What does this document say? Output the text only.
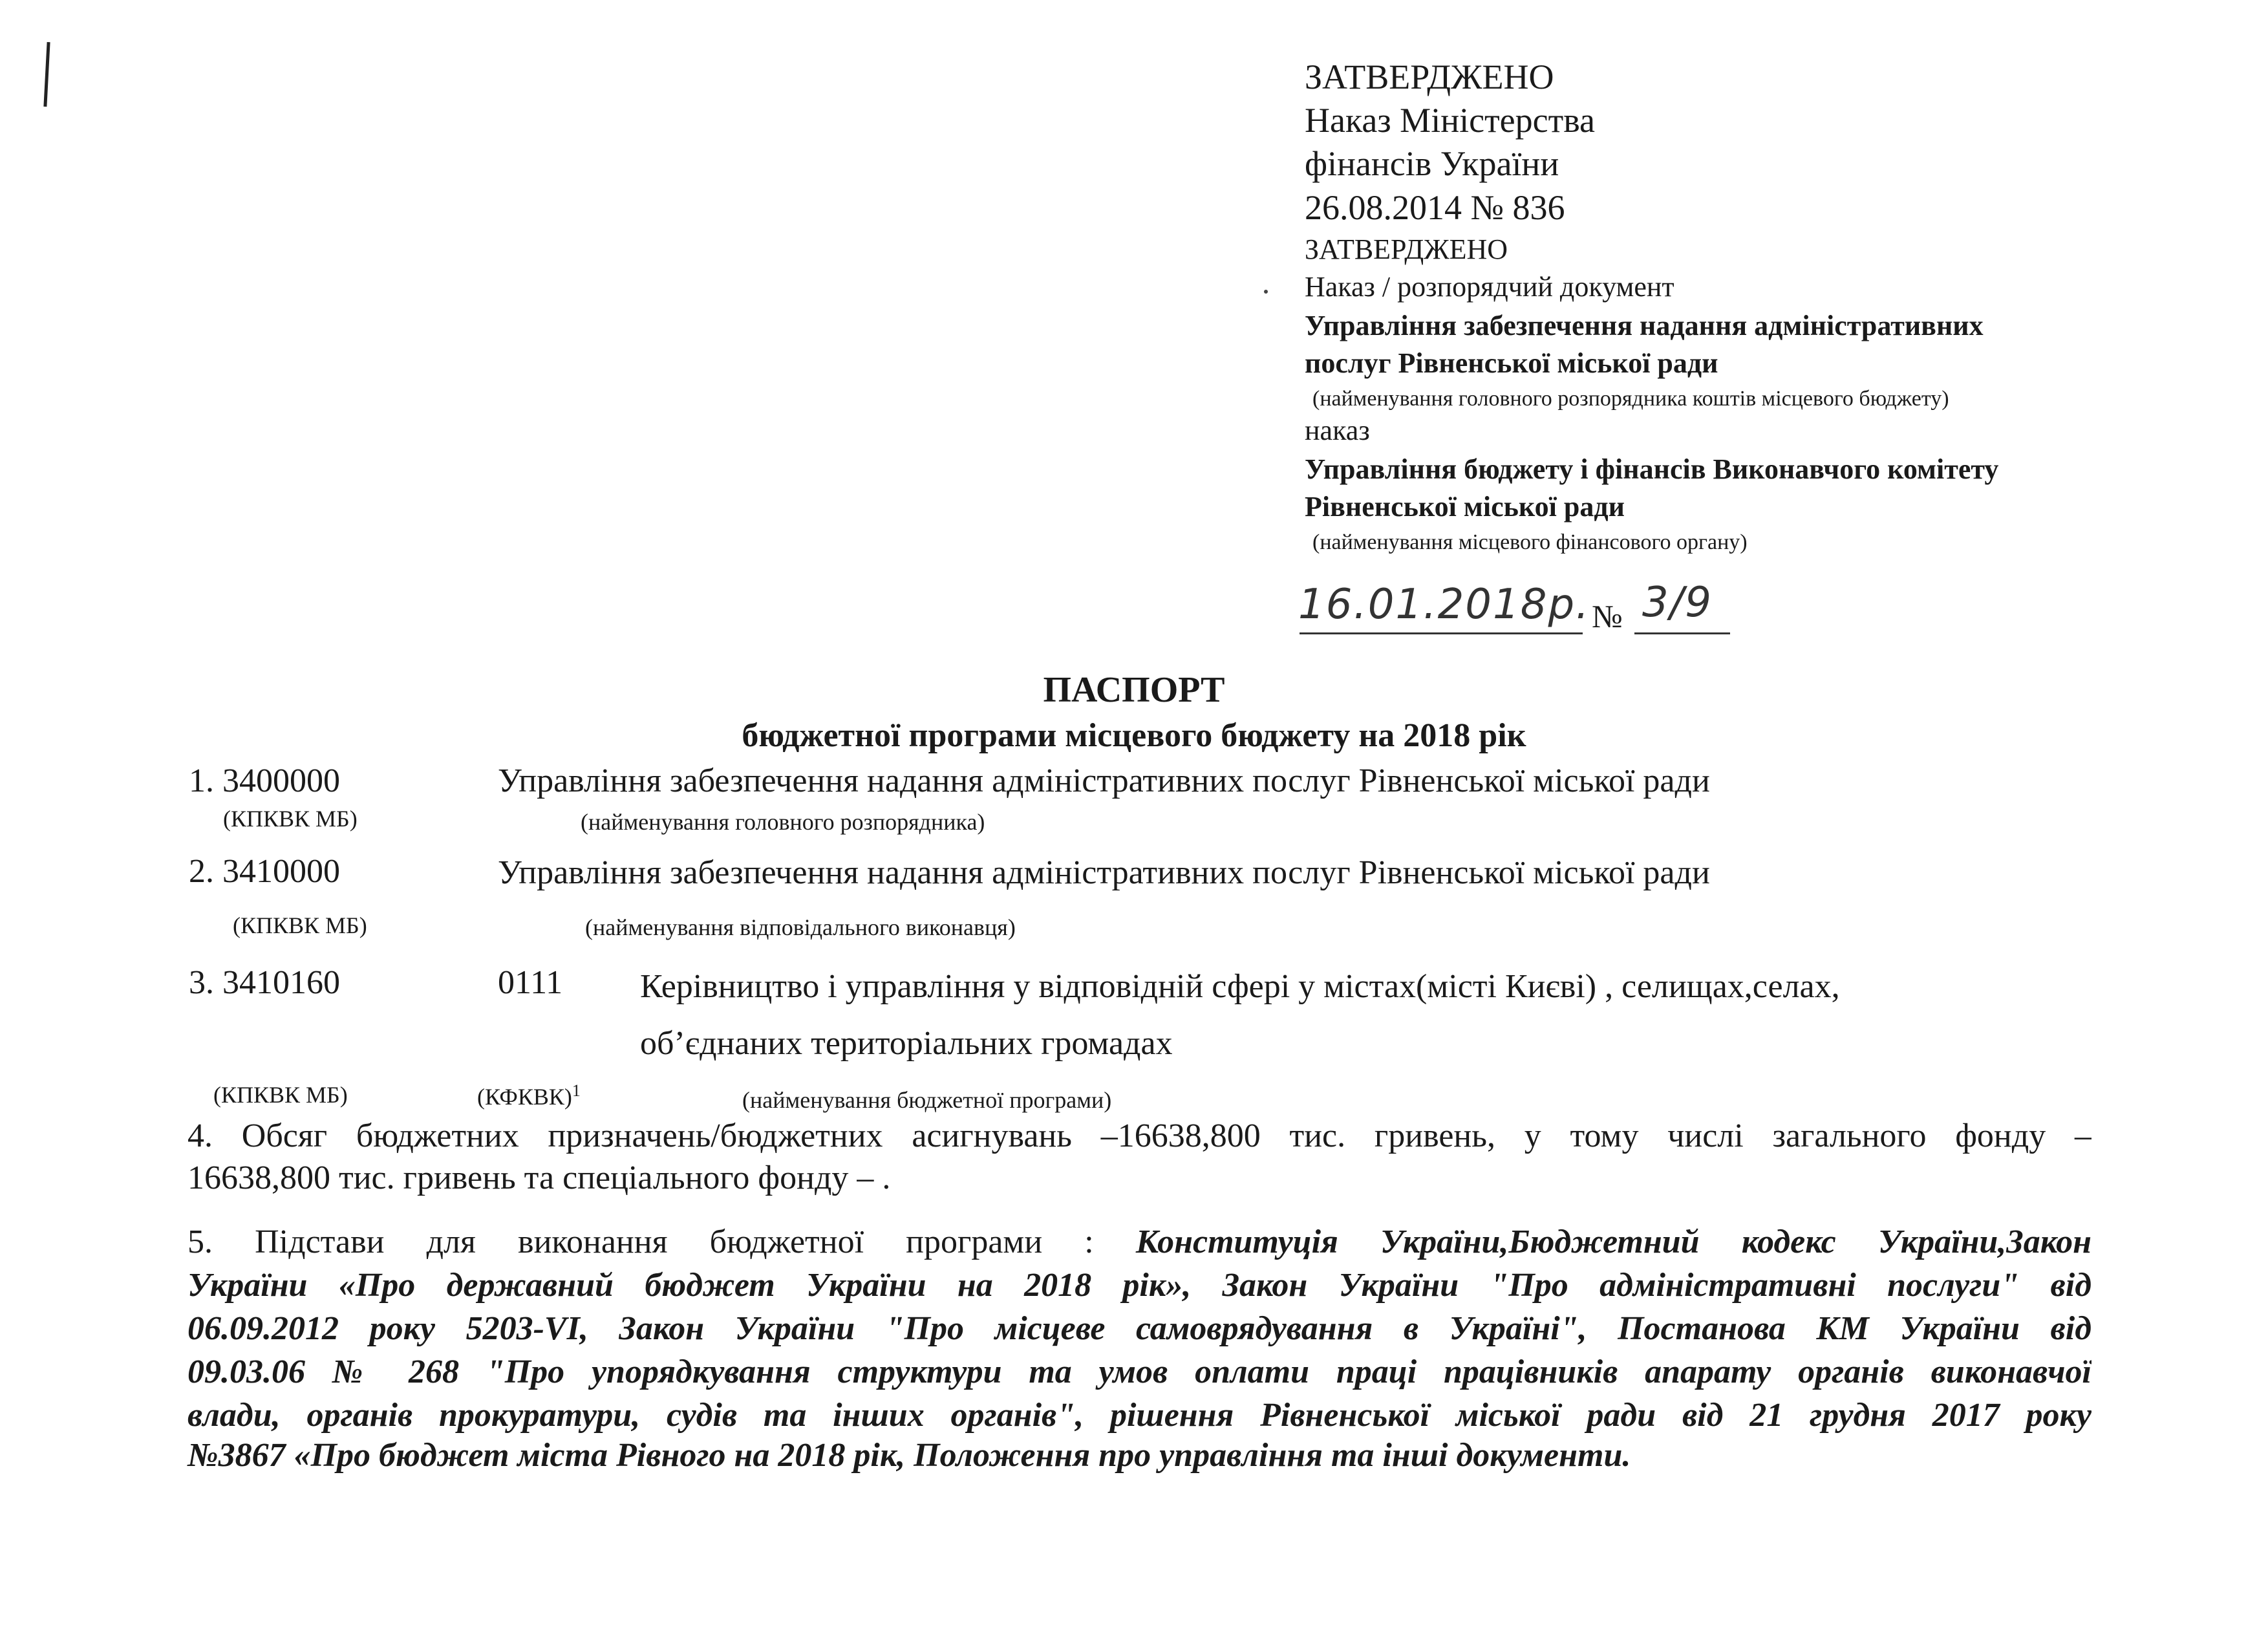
ЗАТВЕРДЖЕНО
Наказ Міністерства
фінансів України
26.08.2014 № 836
ЗАТВЕРДЖЕНО
Наказ / розпорядчий документ
Управління забезпечення надання адміністративних
послуг Рівненської міської ради
(найменування головного розпорядника коштів місцевого бюджету)
наказ
Управління бюджету і фінансів Виконавчого комітету
Рівненської міської ради
(найменування місцевого фінансового органу)
16.01.2018р. № 3/9
ПАСПОРТ
бюджетної програми місцевого бюджету на 2018 рік
1. 3400000	Управління забезпечення надання адміністративних послуг Рівненської міської ради
(КПКВК МБ)	(найменування головного розпорядника)
2. 3410000	Управління забезпечення надання адміністративних послуг Рівненської міської ради
(КПКВК МБ)	(найменування відповідального виконавця)
3. 3410160	0111 Керівництво і управління у відповідній сфері у містах(місті Києві) , селищах,селах,
об’єднаних територіальних громадах
(КПКВК МБ)	(КФКВК)$^1$	(найменування бюджетної програми)
4. Обсяг бюджетних призначень/бюджетних асигнувань –16638,800 тис. гривень, у тому числі загального фонду –
16638,800 тис. гривень та спеціального фонду – .
5. Підстави для виконання бюджетної програми : Конституція України,Бюджетний кодекс України,Закон
України «Про державний бюджет України на 2018 рік», Закон України "Про адміністративні послуги" від
06.09.2012 року 5203-VI, Закон України "Про місцеве самоврядування в Україні", Постанова КМ України від
09.03.06 № 268 "Про упорядкування структури та умов оплати праці працівників апарату органів виконавчої
влади, органів прокуратури, судів та інших органів", рішення Рівненської міської ради від 21 грудня 2017 року
№3867 «Про бюджет міста Рівного на 2018 рік, Положення про управління та інші документи.
